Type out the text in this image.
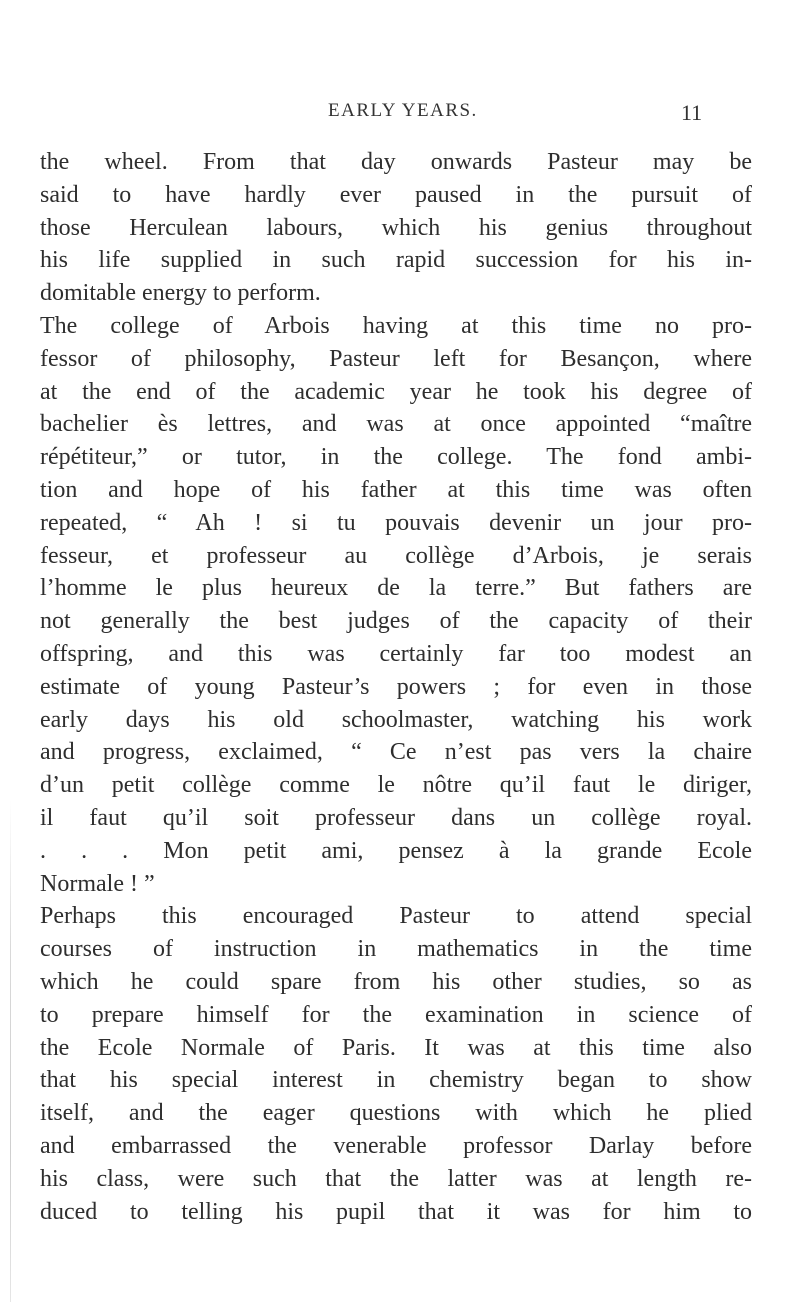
EARLY YEARS.	11
the wheel. From that day onwards Pasteur may be
said to have hardly ever paused in the pursuit of
those Herculean labours, which his genius throughout
his life supplied in such rapid succession for his in-
domitable energy to perform.
The college of Arbois having at this time no pro-
fessor of philosophy, Pasteur left for Besançon, where
at the end of the academic year he took his degree of
bachelier ès lettres, and was at once appointed “maître
répétiteur,” or tutor, in the college. The fond ambi-
tion and hope of his father at this time was often
repeated, “ Ah ! si tu pouvais devenir un jour pro-
fesseur, et professeur au collège d’Arbois, je serais
l’homme le plus heureux de la terre.” But fathers are
not generally the best judges of the capacity of their
offspring, and this was certainly far too modest an
estimate of young Pasteur’s powers ; for even in those
early days his old schoolmaster, watching his work
and progress, exclaimed, “ Ce n’est pas vers la chaire
d’un petit collège comme le nôtre qu’il faut le diriger,
il faut qu’il soit professeur dans un collège royal.
. . . Mon petit ami, pensez à la grande Ecole
Normale ! ”
Perhaps this encouraged Pasteur to attend special
courses of instruction in mathematics in the time
which he could spare from his other studies, so as
to prepare himself for the examination in science of
the Ecole Normale of Paris. It was at this time also
that his special interest in chemistry began to show
itself, and the eager questions with which he plied
and embarrassed the venerable professor Darlay before
his class, were such that the latter was at length re-
duced to telling his pupil that it was for him to
